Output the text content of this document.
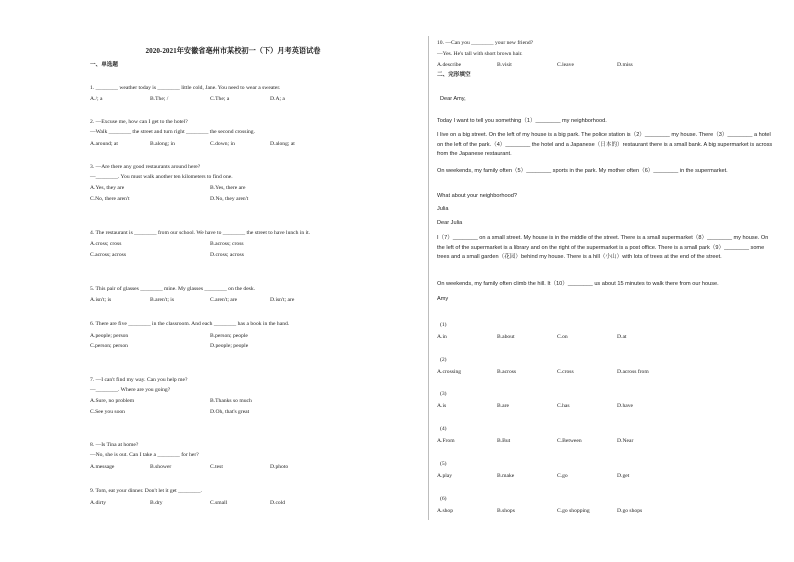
2020-2021年安徽省亳州市某校初一（下）月考英语试卷
一、单选题
1. ________ weather today is ________ little cold, Jane. You need to wear a sweater.
A./; a	B.The; /	C.The; a	D.A; a
2. —Excuse me, how can I get to the hotel?
—Walk ________ the street and turn right ________ the second crossing.
A.around; at	B.along; in	C.down; in	D.along; at
3. —Are there any good restaurants around here?
—________. You must walk another ten kilometers to find one.
A.Yes, they are	B.Yes, there are
C.No, there aren't	D.No, they aren't
4. The restaurant is ________ from our school. We have to ________ the street to have lunch in it.
A.cross; cross	B.across; cross
C.across; across	D.cross; across
5. This pair of glasses ________ mine. My glasses ________ on the desk.
A.isn't; is	B.aren't; is	C.aren't; are	D.isn't; are
6. There are five ________ in the classroom. And each ________ has a book in the hand.
A.people; person	B.person; people
C.person; person	D.people; people
7. —I can't find my way. Can you help me?
—________. Where are you going?
A.Sure, no problem	B.Thanks so much
C.See you soon	D.Oh, that's great
8. —Is Tina at home?
—No, she is out. Can I take a ________ for her?
A.message	B.shower	C.test	D.photo
9. Tom, eat your dinner. Don't let it get ________.
A.dirty	B.dry	C.small	D.cold
10. —Can you ________ your new friend?
—Yes. He's tall with short brown hair.
A.describe	B.visit	C.leave	D.miss
二、完形填空
Dear Amy,
Today I want to tell you something（1）________ my neighborhood.
I live on a big street. On the left of my house is a big park. The police station is（2）________ my house. There（3）________ a hotel on the left of the park.（4）________ the hotel and a Japanese（日本的）restaurant there is a small bank. A big supermarket is across from the Japanese restaurant.
On weekends, my family often（5）________ sports in the park. My mother often（6）________ in the supermarket.
What about your neighborhood?
Julia
Dear Julia
I（7）________ on a small street. My house is in the middle of the street. There is a small supermarket（8）________ my house. On the left of the supermarket is a library and on the right of the supermarket is a post office. There is a small park（9）________ some trees and a small garden（花园）behind my house. There is a hill（小山）with lots of trees at the end of the street.
On weekends, my family often climb the hill. It（10）________ us about 15 minutes to walk there from our house.
Amy
(1)
A.in	B.about	C.on	D.at
(2)
A.crossing	B.across	C.cross	D.across from
(3)
A.is	B.are	C.has	D.have
(4)
A.From	B.But	C.Between	D.Near
(5)
A.play	B.make	C.go	D.get
(6)
A.shop	B.shops	C.go shopping	D.go shops
